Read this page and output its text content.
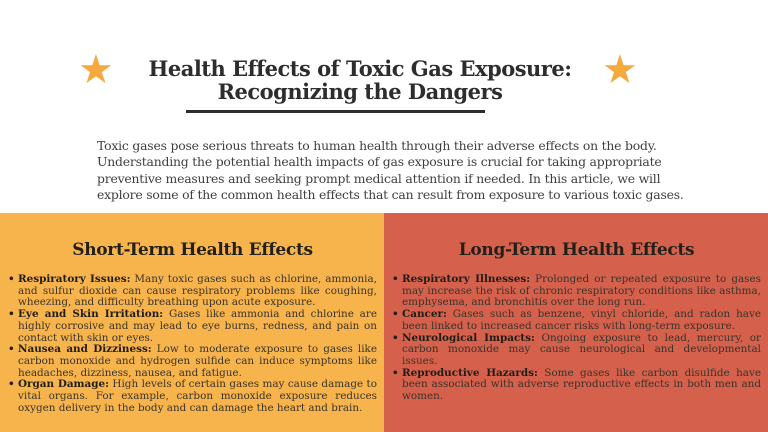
★	★
Health Effects of Toxic Gas Exposure:
Recognizing the Dangers

Toxic gases pose serious threats to human health through their adverse effects on the body. Understanding the potential health impacts of gas exposure is crucial for taking appropriate preventive measures and seeking prompt medical attention if needed. In this article, we will explore some of the common health effects that can result from exposure to various toxic gases.

Short-Term Health Effects
• Respiratory Issues: Many toxic gases such as chlorine, ammonia, and sulfur dioxide can cause respiratory problems like coughing, wheezing, and difficulty breathing upon acute exposure.
• Eye and Skin Irritation: Gases like ammonia and chlorine are highly corrosive and may lead to eye burns, redness, and pain on contact with skin or eyes.
• Nausea and Dizziness: Low to moderate exposure to gases like carbon monoxide and hydrogen sulfide can induce symptoms like headaches, dizziness, nausea, and fatigue.
• Organ Damage: High levels of certain gases may cause damage to vital organs. For example, carbon monoxide exposure reduces oxygen delivery in the body and can damage the heart and brain.
Long-Term Health Effects
• Respiratory Illnesses: Prolonged or repeated exposure to gases may increase the risk of chronic respiratory conditions like asthma, emphysema, and bronchitis over the long run.
• Cancer: Gases such as benzene, vinyl chloride, and radon have been linked to increased cancer risks with long-term exposure.
• Neurological Impacts: Ongoing exposure to lead, mercury, or carbon monoxide may cause neurological and developmental issues.
• Reproductive Hazards: Some gases like carbon disulfide have been associated with adverse reproductive effects in both men and women.
